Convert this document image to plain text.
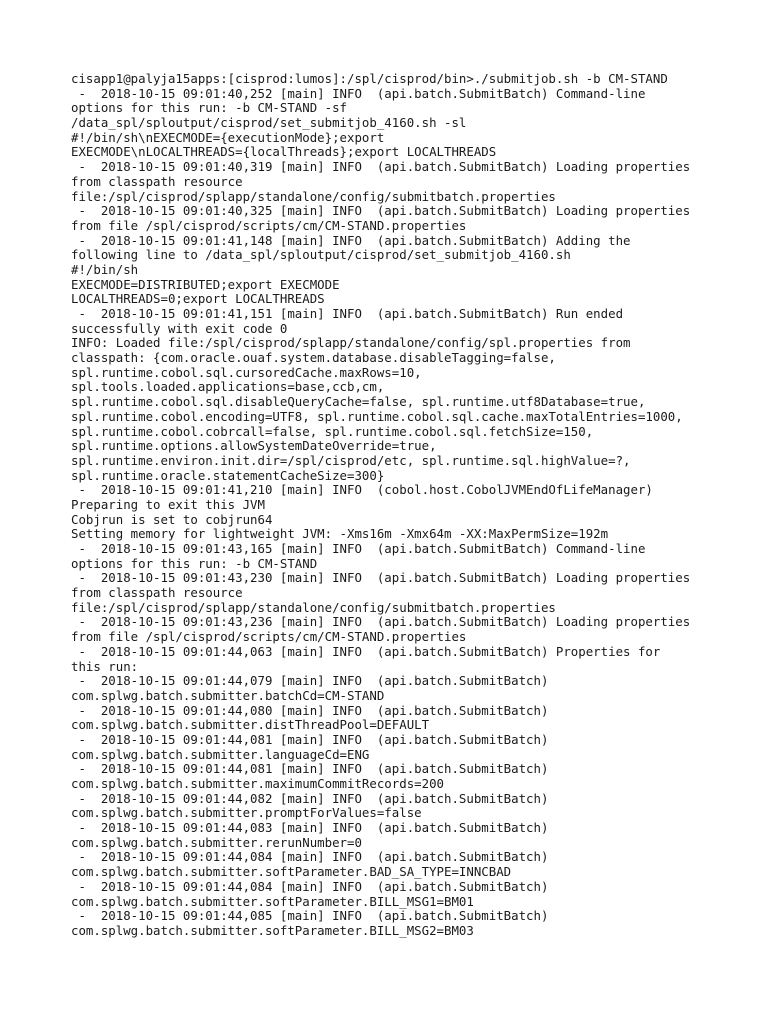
cisapp1@palyja15apps:[cisprod:lumos]:/spl/cisprod/bin>./submitjob.sh -b CM-STAND
-  2018-10-15 09:01:40,252 [main] INFO  (api.batch.SubmitBatch) Command-line
options for this run: -b CM-STAND -sf
/data_spl/sploutput/cisprod/set_submitjob_4160.sh -sl
#!/bin/sh\nEXECMODE={executionMode};export
EXECMODE\nLOCALTHREADS={localThreads};export LOCALTHREADS
-  2018-10-15 09:01:40,319 [main] INFO  (api.batch.SubmitBatch) Loading properties
from classpath resource
file:/spl/cisprod/splapp/standalone/config/submitbatch.properties
-  2018-10-15 09:01:40,325 [main] INFO  (api.batch.SubmitBatch) Loading properties
from file /spl/cisprod/scripts/cm/CM-STAND.properties
-  2018-10-15 09:01:41,148 [main] INFO  (api.batch.SubmitBatch) Adding the
following line to /data_spl/sploutput/cisprod/set_submitjob_4160.sh
#!/bin/sh
EXECMODE=DISTRIBUTED;export EXECMODE
LOCALTHREADS=0;export LOCALTHREADS
-  2018-10-15 09:01:41,151 [main] INFO  (api.batch.SubmitBatch) Run ended
successfully with exit code 0
INFO: Loaded file:/spl/cisprod/splapp/standalone/config/spl.properties from
classpath: {com.oracle.ouaf.system.database.disableTagging=false,
spl.runtime.cobol.sql.cursoredCache.maxRows=10,
spl.tools.loaded.applications=base,ccb,cm,
spl.runtime.cobol.sql.disableQueryCache=false, spl.runtime.utf8Database=true,
spl.runtime.cobol.encoding=UTF8, spl.runtime.cobol.sql.cache.maxTotalEntries=1000,
spl.runtime.cobol.cobrcall=false, spl.runtime.cobol.sql.fetchSize=150,
spl.runtime.options.allowSystemDateOverride=true,
spl.runtime.environ.init.dir=/spl/cisprod/etc, spl.runtime.sql.highValue=?,
spl.runtime.oracle.statementCacheSize=300}
-  2018-10-15 09:01:41,210 [main] INFO  (cobol.host.CobolJVMEndOfLifeManager)
Preparing to exit this JVM
Cobjrun is set to cobjrun64
Setting memory for lightweight JVM: -Xms16m -Xmx64m -XX:MaxPermSize=192m
-  2018-10-15 09:01:43,165 [main] INFO  (api.batch.SubmitBatch) Command-line
options for this run: -b CM-STAND
-  2018-10-15 09:01:43,230 [main] INFO  (api.batch.SubmitBatch) Loading properties
from classpath resource
file:/spl/cisprod/splapp/standalone/config/submitbatch.properties
-  2018-10-15 09:01:43,236 [main] INFO  (api.batch.SubmitBatch) Loading properties
from file /spl/cisprod/scripts/cm/CM-STAND.properties
-  2018-10-15 09:01:44,063 [main] INFO  (api.batch.SubmitBatch) Properties for
this run:
-  2018-10-15 09:01:44,079 [main] INFO  (api.batch.SubmitBatch)
com.splwg.batch.submitter.batchCd=CM-STAND
-  2018-10-15 09:01:44,080 [main] INFO  (api.batch.SubmitBatch)
com.splwg.batch.submitter.distThreadPool=DEFAULT
-  2018-10-15 09:01:44,081 [main] INFO  (api.batch.SubmitBatch)
com.splwg.batch.submitter.languageCd=ENG
-  2018-10-15 09:01:44,081 [main] INFO  (api.batch.SubmitBatch)
com.splwg.batch.submitter.maximumCommitRecords=200
-  2018-10-15 09:01:44,082 [main] INFO  (api.batch.SubmitBatch)
com.splwg.batch.submitter.promptForValues=false
-  2018-10-15 09:01:44,083 [main] INFO  (api.batch.SubmitBatch)
com.splwg.batch.submitter.rerunNumber=0
-  2018-10-15 09:01:44,084 [main] INFO  (api.batch.SubmitBatch)
com.splwg.batch.submitter.softParameter.BAD_SA_TYPE=INNCBAD
-  2018-10-15 09:01:44,084 [main] INFO  (api.batch.SubmitBatch)
com.splwg.batch.submitter.softParameter.BILL_MSG1=BM01
-  2018-10-15 09:01:44,085 [main] INFO  (api.batch.SubmitBatch)
com.splwg.batch.submitter.softParameter.BILL_MSG2=BM03
